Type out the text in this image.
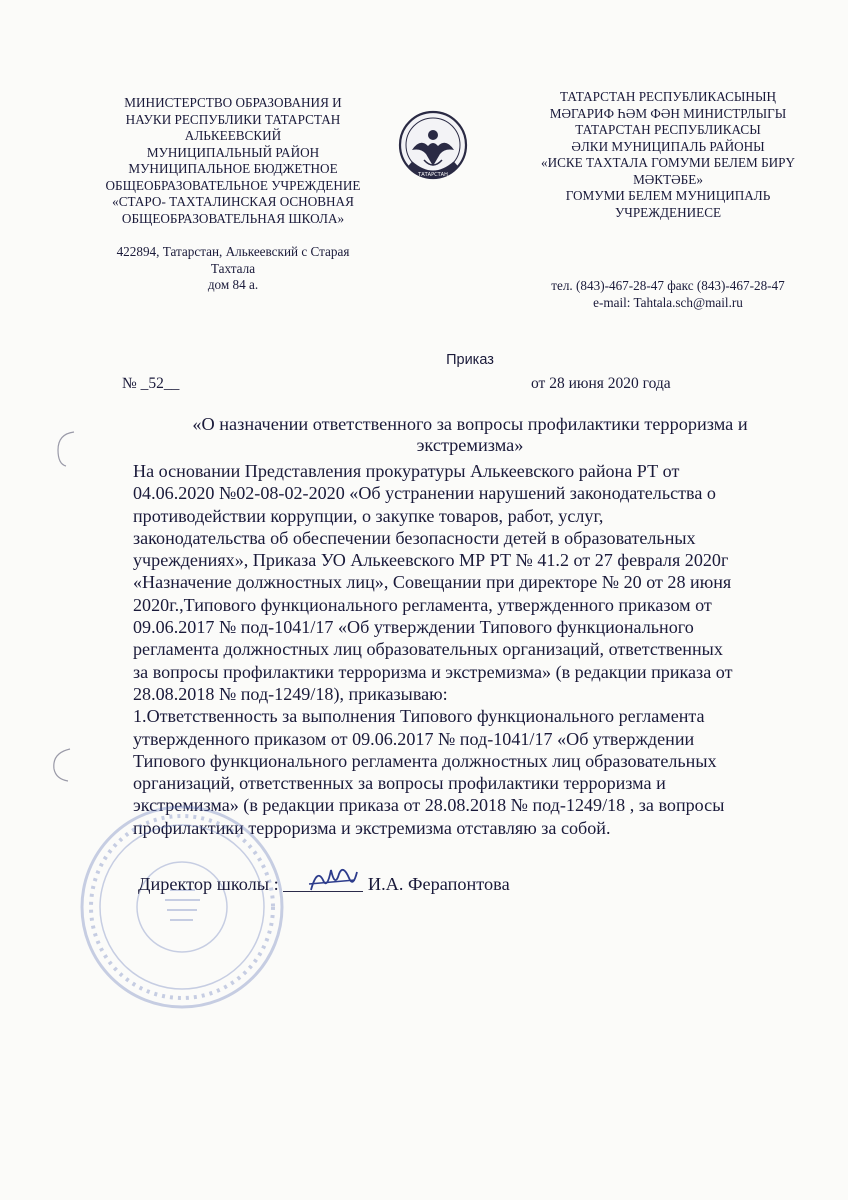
МИНИСТЕРСТВО ОБРАЗОВАНИЯ И
НАУКИ РЕСПУБЛИКИ ТАТАРСТАН
АЛЬКЕЕВСКИЙ
МУНИЦИПАЛЬНЫЙ РАЙОН
МУНИЦИПАЛЬНОЕ БЮДЖЕТНОЕ
ОБЩЕОБРАЗОВАТЕЛЬНОЕ УЧРЕЖДЕНИЕ
«СТАРО- ТАХТАЛИНСКАЯ ОСНОВНАЯ
ОБЩЕОБРАЗОВАТЕЛЬНАЯ ШКОЛА»
422894, Татарстан, Алькеевский с Старая
Тахтала
дом 84 а.
ТАТАРСТАН
ТАТАРСТАН РЕСПУБЛИКАСЫНЫҢ
МӘГАРИФ ҺӘМ ФӘН МИНИСТРЛЫГЫ
ТАТАРСТАН РЕСПУБЛИКАСЫ
ӘЛКИ МУНИЦИПАЛЬ РАЙОНЫ
«ИСКЕ ТАХТАЛА ГОМУМИ БЕЛЕМ БИРҮ
МӘКТӘБЕ»
ГОМУМИ БЕЛЕМ МУНИЦИПАЛЬ
УЧРЕЖДЕНИЕСЕ
тел. (843)-467-28-47 факс (843)-467-28-47
e-mail: Tahtala.sch@mail.ru
Приказ
№ _52__	от 28 июня 2020 года
«О назначении ответственного за вопросы профилактики терроризма и
экстремизма»
На основании Представления прокуратуры Алькеевского района РТ от
04.06.2020 №02-08-02-2020 «Об устранении нарушений законодательства о
противодействии коррупции, о закупке товаров, работ, услуг,
законодательства об обеспечении безопасности детей в образовательных
учреждениях», Приказа УО Алькеевского МР РТ № 41.2 от 27 февраля 2020г
«Назначение должностных лиц», Совещании при директоре № 20 от 28 июня
2020г.,Типового функционального регламента, утвержденного приказом от
09.06.2017 № под-1041/17 «Об утверждении Типового функционального
регламента должностных лиц образовательных организаций, ответственных
за вопросы профилактики терроризма и экстремизма» (в редакции приказа от
28.08.2018 № под-1249/18), приказываю:
1.Ответственность за выполнения Типового функционального регламента
утвержденного приказом от 09.06.2017 № под-1041/17 «Об утверждении
Типового функционального регламента должностных лиц образовательных
организаций, ответственных за вопросы профилактики терроризма и
экстремизма» (в редакции приказа от 28.08.2018 № под-1249/18 , за вопросы
профилактики терроризма и экстремизма отставляю за собой.
Директор школы :	И.А. Ферапонтова
